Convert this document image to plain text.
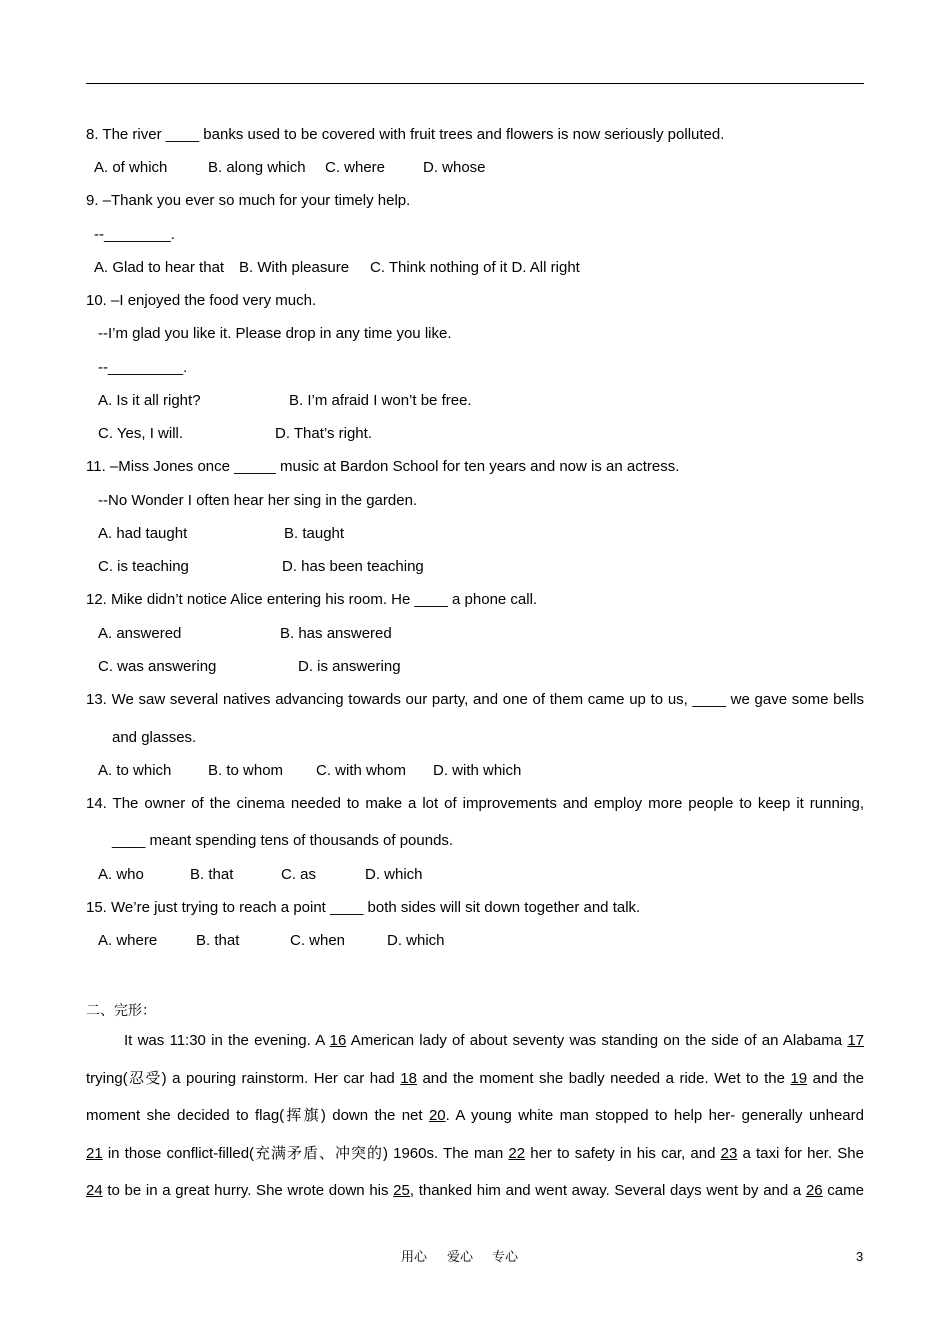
8. The river ____ banks used to be covered with fruit trees and flowers is now seriously polluted.
A. of which	B. along which C. where	D. whose
9. –Thank you ever so much for your timely help.
--________.
A. Glad to hear that B. With pleasure C. Think nothing of it D. All right
10. –I enjoyed the food very much.
--I’m glad you like it. Please drop in any time you like.
--_________.
A. Is it all right?	B. I’m afraid I won’t be free.
C. Yes, I will.	D. That’s right.
11. –Miss Jones once _____ music at Bardon School for ten years and now is an actress.
--No Wonder I often hear her sing in the garden.
A. had taught	B. taught
C. is teaching	D. has been teaching
12. Mike didn’t notice Alice entering his room. He ____ a phone call.
A. answered	B. has answered
C. was answering	D. is answering
13. We saw several natives advancing towards our party, and one of them came up to us, ____ we gave some bells
and glasses.
A. to which B. to whom C. with whom D. with which
14. The owner of the cinema needed to make a lot of improvements and employ more people to keep it running,
____ meant spending tens of thousands of pounds.
A. who	B. that	C. as	D. which
15. We’re just trying to reach a point ____ both sides will sit down together and talk.
A. where	B. that	C. when	D. which
二、完形：
It was 11:30 in the evening. A 16 American lady of about seventy was standing on the side of an Alabama 17
trying(忍受) a pouring rainstorm. Her car had 18 and the moment she badly needed a ride. Wet to the 19 and the
moment she decided to flag(挥旗) down the net 20. A young white man stopped to help her- generally unheard
21 in those conflict-filled(充满矛盾、冲突的) 1960s. The man 22 her to safety in his car, and 23 a taxi for her. She
24 to be in a great hurry. She wrote down his 25, thanked him and went away. Several days went by and a 26 came
用心 爱心 专心	3
